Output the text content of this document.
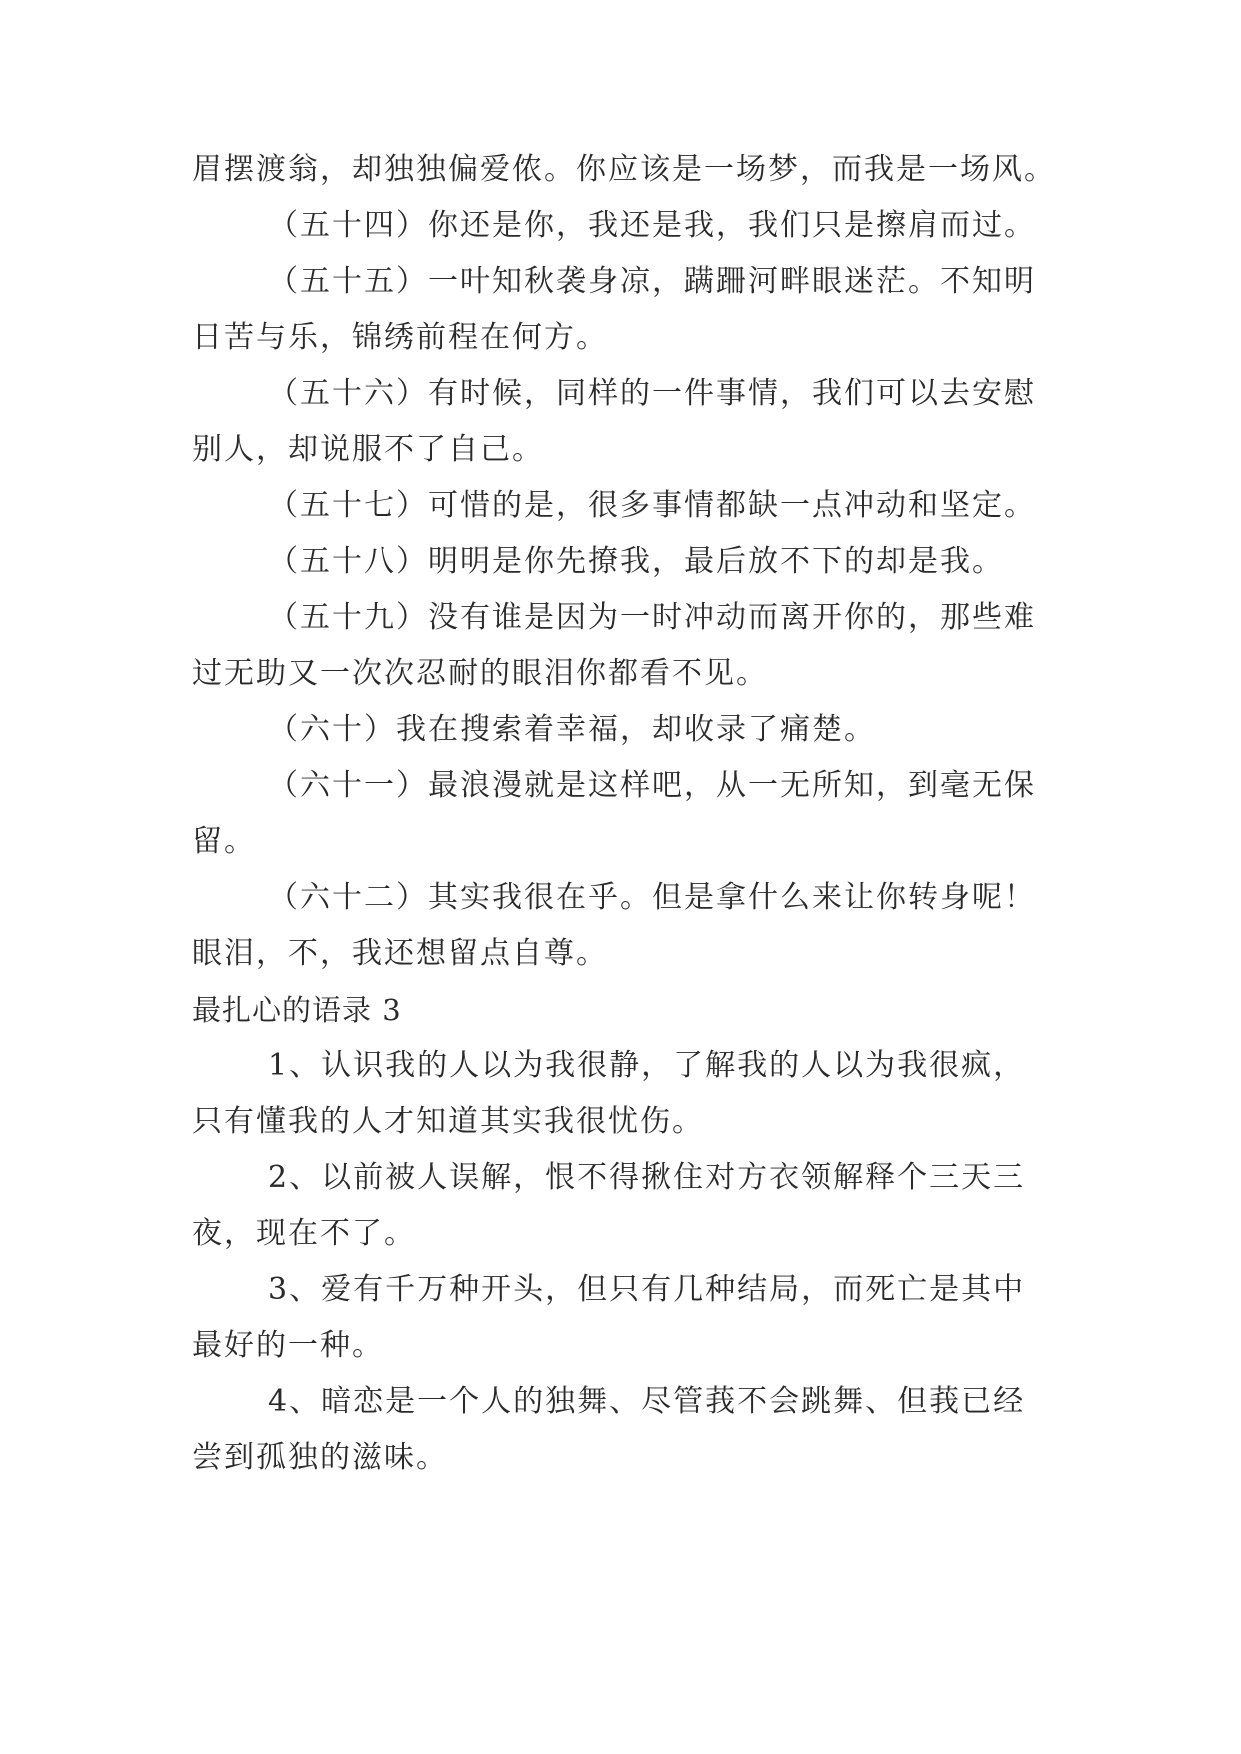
眉摆渡翁，却独独偏爱侬。你应该是一场梦，而我是一场风。
（五十四）你还是你，我还是我，我们只是擦肩而过。
（五十五）一叶知秋袭身凉，蹒跚河畔眼迷茫。不知明
日苦与乐，锦绣前程在何方。
（五十六）有时候，同样的一件事情，我们可以去安慰
别人，却说服不了自己。
（五十七）可惜的是，很多事情都缺一点冲动和坚定。
（五十八）明明是你先撩我，最后放不下的却是我。
（五十九）没有谁是因为一时冲动而离开你的，那些难
过无助又一次次忍耐的眼泪你都看不见。
（六十）我在搜索着幸福，却收录了痛楚。
（六十一）最浪漫就是这样吧，从一无所知，到毫无保
留。
（六十二）其实我很在乎。但是拿什么来让你转身呢！
眼泪，不，我还想留点自尊。
最扎心的语录 3
1、认识我的人以为我很静，了解我的人以为我很疯，
只有懂我的人才知道其实我很忧伤。
2、以前被人误解，恨不得揪住对方衣领解释个三天三
夜，现在不了。
3、爱有千万种开头，但只有几种结局，而死亡是其中
最好的一种。
4、暗恋是一个人的独舞、尽管莪不会跳舞、但莪已经
尝到孤独的滋味。
